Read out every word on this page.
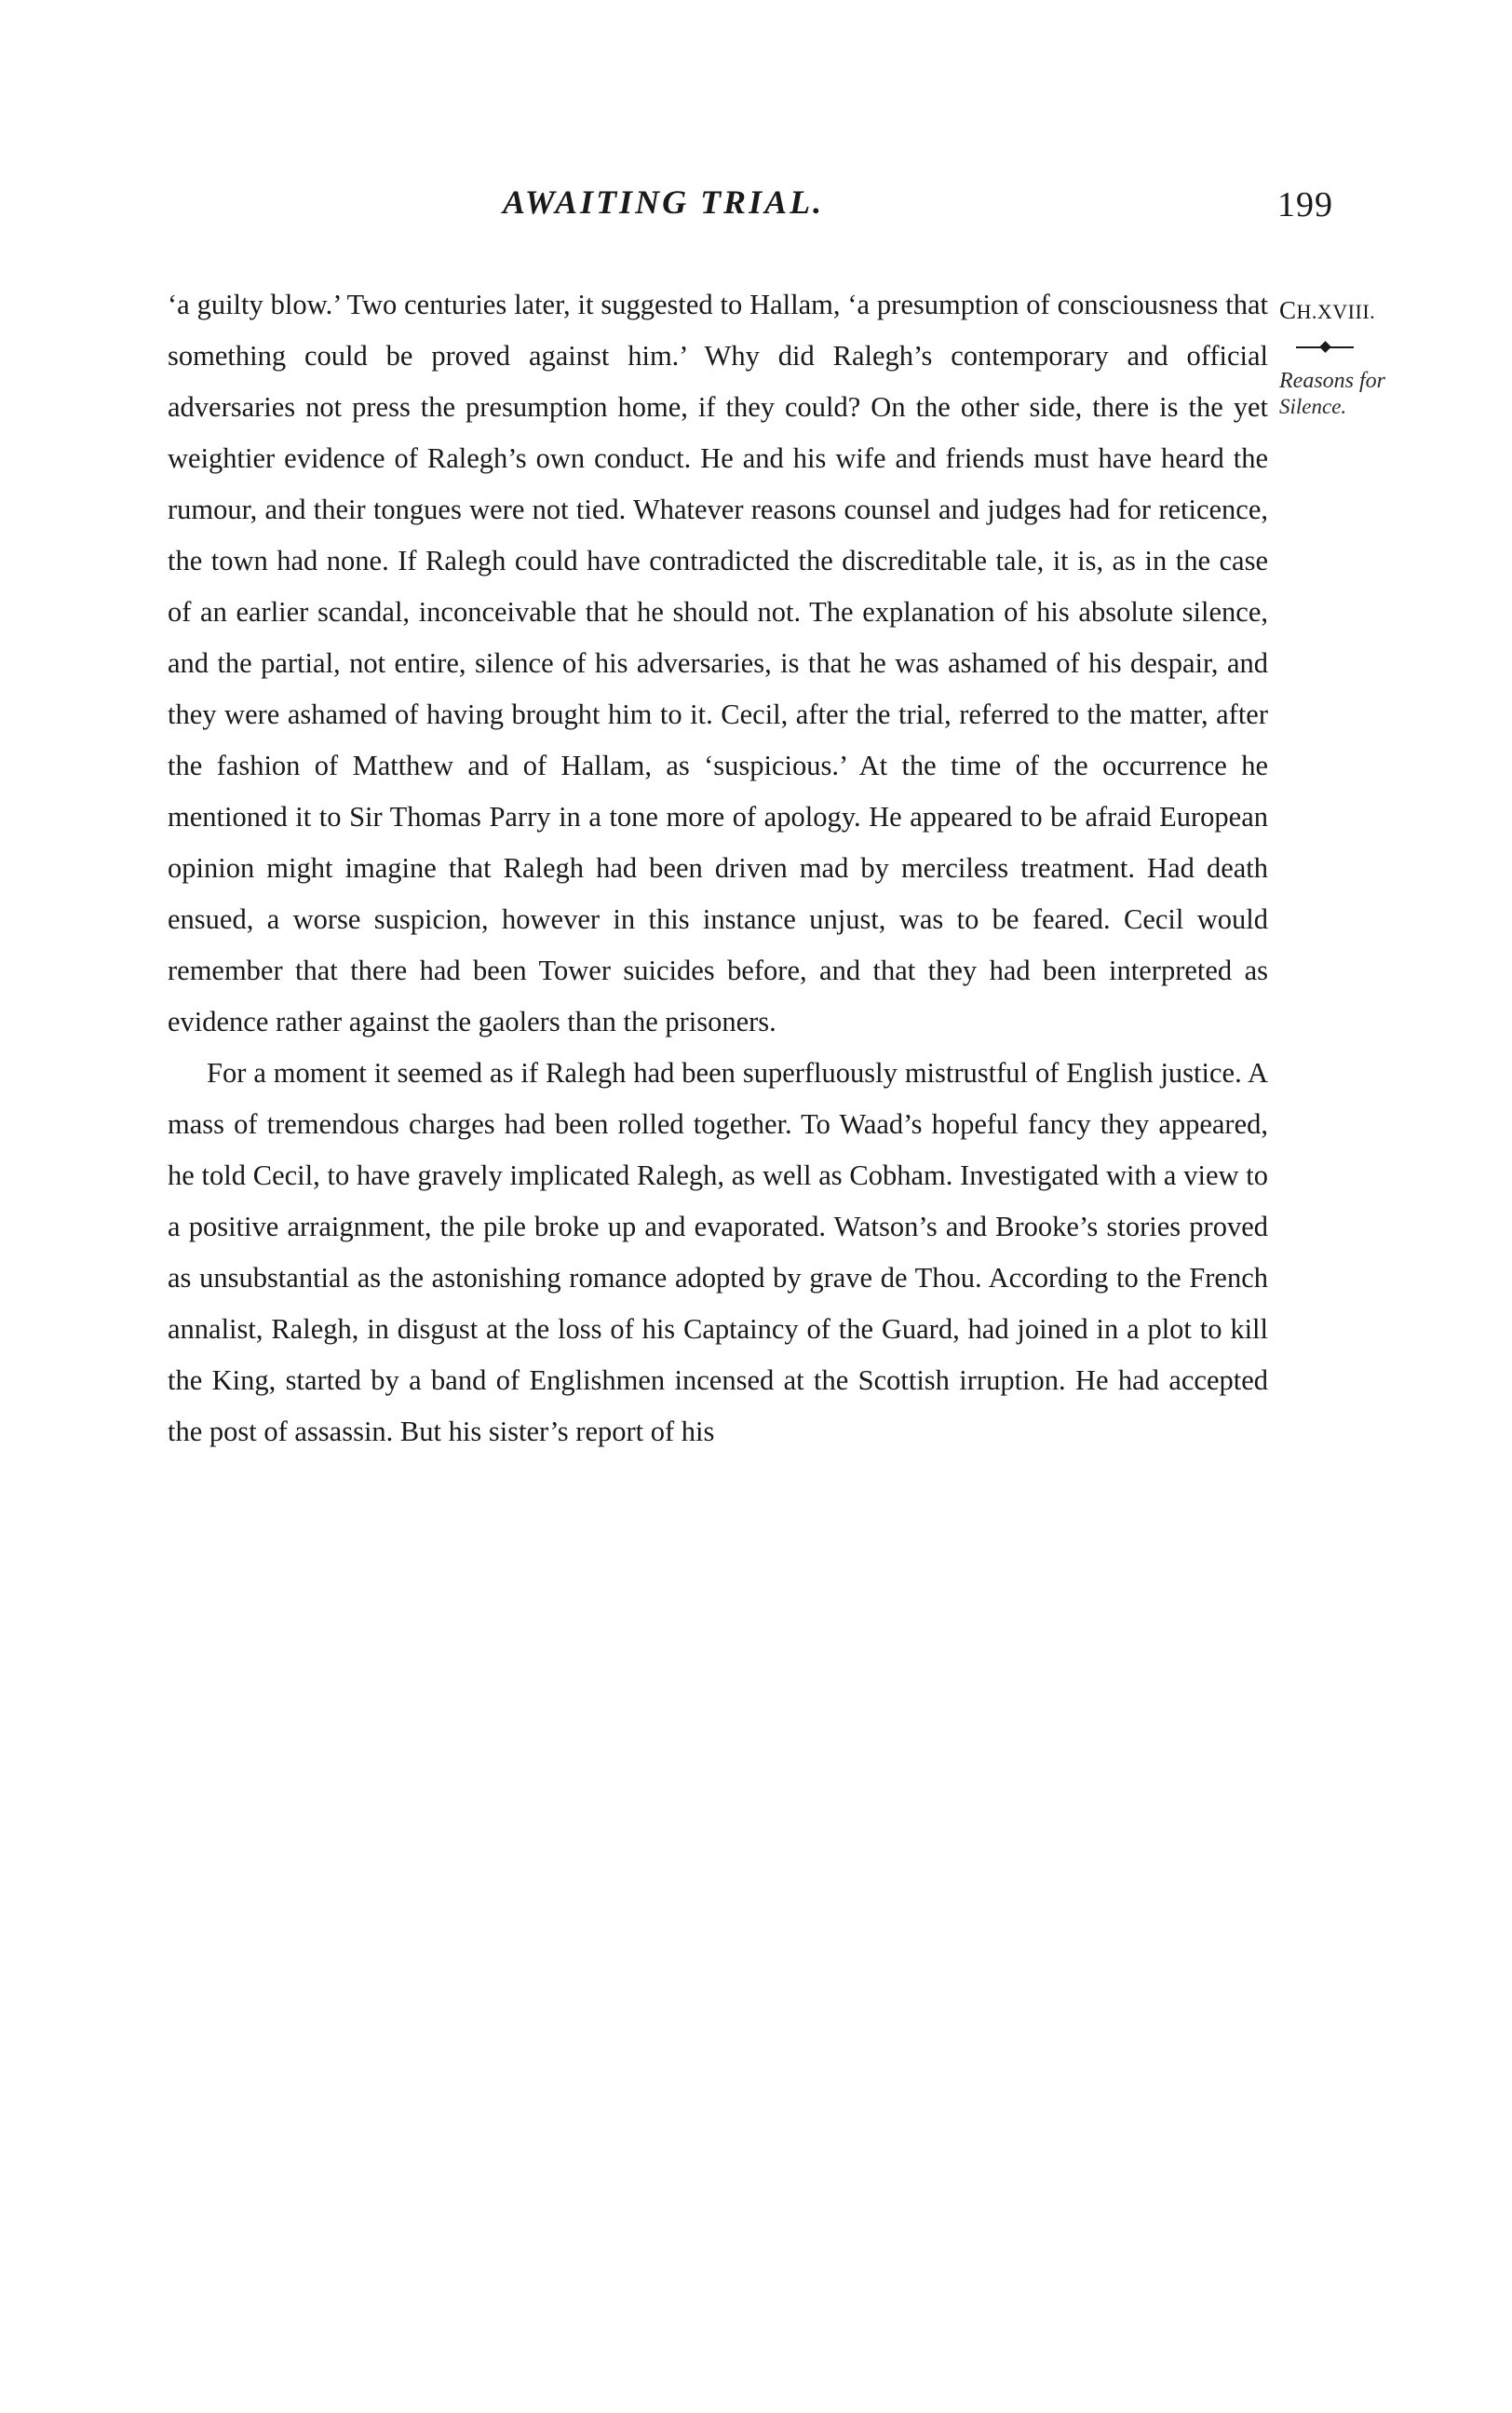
AWAITING TRIAL.	199
CH.XVIII.
Reasons for
Silence.

‘a guilty blow.’ Two centuries later, it suggested to Hallam, ‘a presumption of consciousness that something could be proved against him.’ Why did Ralegh’s contemporary and official adversaries not press the presumption home, if they could? On the other side, there is the yet weightier evidence of Ralegh’s own conduct. He and his wife and friends must have heard the rumour, and their tongues were not tied. Whatever reasons counsel and judges had for reticence, the town had none. If Ralegh could have contradicted the discreditable tale, it is, as in the case of an earlier scandal, inconceivable that he should not. The explanation of his absolute silence, and the partial, not entire, silence of his adversaries, is that he was ashamed of his despair, and they were ashamed of having brought him to it. Cecil, after the trial, referred to the matter, after the fashion of Matthew and of Hallam, as ‘suspicious.’ At the time of the occurrence he mentioned it to Sir Thomas Parry in a tone more of apology. He appeared to be afraid European opinion might imagine that Ralegh had been driven mad by merciless treatment. Had death ensued, a worse suspicion, however in this instance unjust, was to be feared. Cecil would remember that there had been Tower suicides before, and that they had been interpreted as evidence rather against the gaolers than the prisoners.

For a moment it seemed as if Ralegh had been superfluously mistrustful of English justice. A mass of tremendous charges had been rolled together. To Waad’s hopeful fancy they appeared, he told Cecil, to have gravely implicated Ralegh, as well as Cobham. Investigated with a view to a positive arraignment, the pile broke up and evaporated. Watson’s and Brooke’s stories proved as unsubstantial as the astonishing romance adopted by grave de Thou. According to the French annalist, Ralegh, in disgust at the loss of his Captaincy of the Guard, had joined in a plot to kill the King, started by a band of Englishmen incensed at the Scottish irruption. He had accepted the post of assassin. But his sister’s report of his
